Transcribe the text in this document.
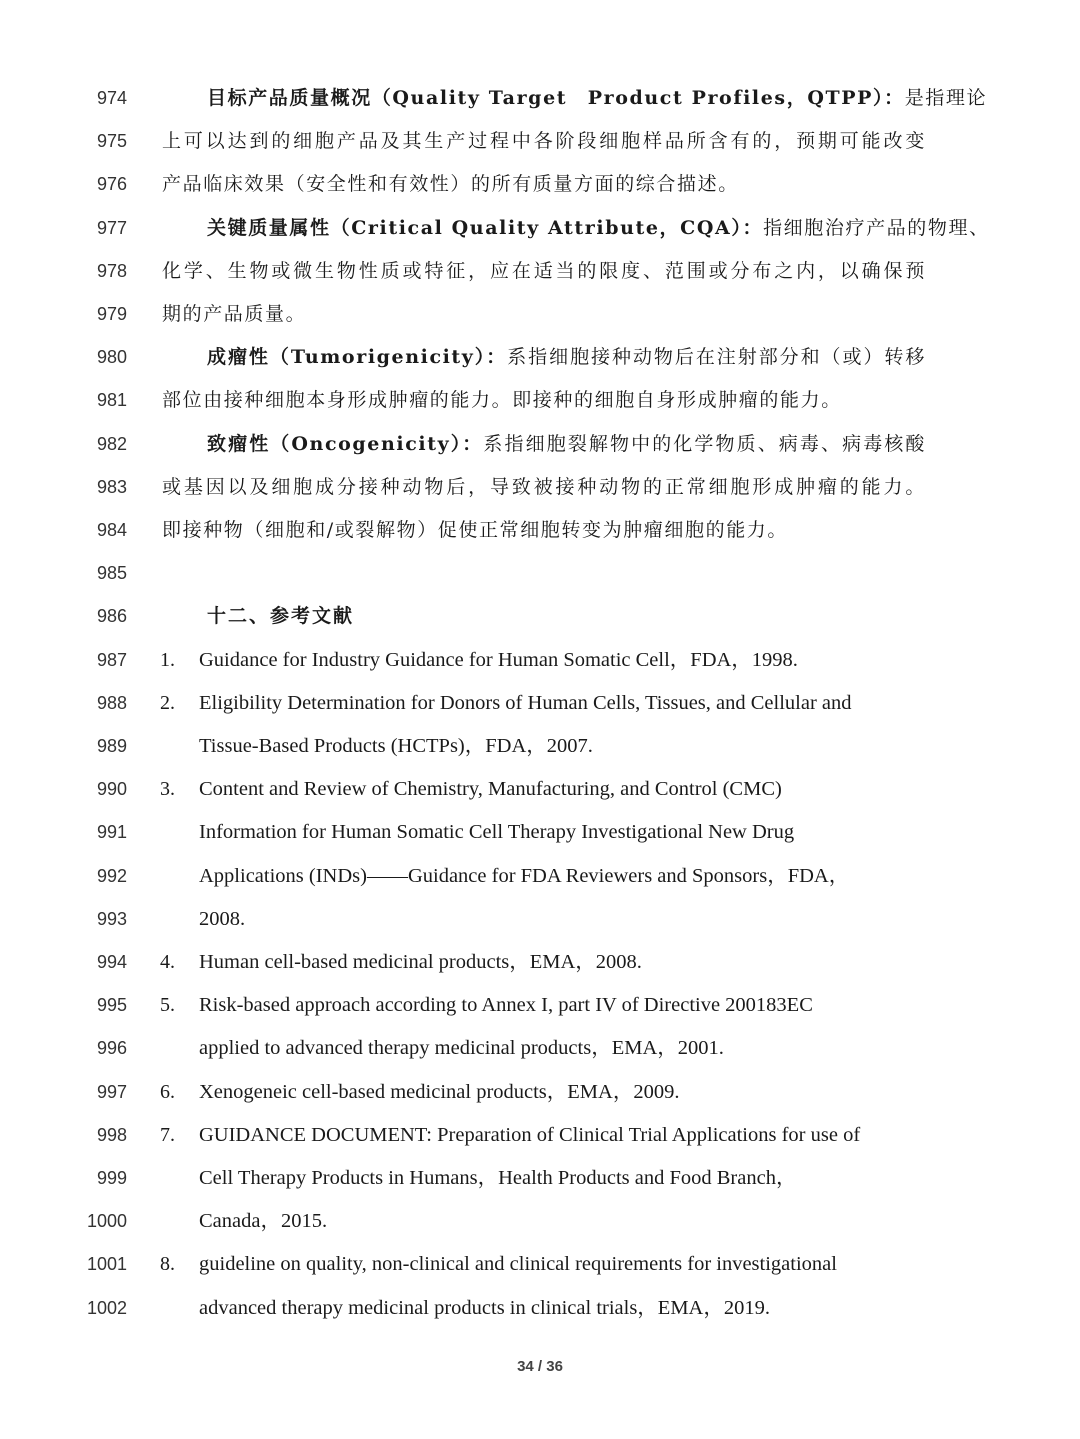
974	目标产品质量概况（Quality Target　Product Profiles，QTPP）：是指理论
975 上可以达到的细胞产品及其生产过程中各阶段细胞样品所含有的，预期可能改变
976 产品临床效果（安全性和有效性）的所有质量方面的综合描述。
977	关键质量属性（Critical Quality Attribute，CQA）：指细胞治疗产品的物理、
978 化学、生物或微生物性质或特征，应在适当的限度、范围或分布之内，以确保预
979 期的产品质量。
980	成瘤性（Tumorigenicity）：系指细胞接种动物后在注射部分和（或）转移
981 部位由接种细胞本身形成肿瘤的能力。即接种的细胞自身形成肿瘤的能力。
982	致瘤性（Oncogenicity）：系指细胞裂解物中的化学物质、病毒、病毒核酸
983 或基因以及细胞成分接种动物后，导致被接种动物的正常细胞形成肿瘤的能力。
984 即接种物（细胞和/或裂解物）促使正常细胞转变为肿瘤细胞的能力。
985
986	十二、参考文献
987 1.	Guidance for Industry Guidance for Human Somatic Cell，FDA，1998.
988 2.	Eligibility Determination for Donors of Human Cells, Tissues, and Cellular and
989	Tissue-Based Products (HCTPs)，FDA，2007.
990 3.	Content and Review of Chemistry, Manufacturing, and Control (CMC)
991	Information for Human Somatic Cell Therapy Investigational New Drug
992	Applications (INDs)——Guidance for FDA Reviewers and Sponsors，FDA，
993	2008.
994 4.	Human cell-based medicinal products，EMA，2008.
995 5.	Risk-based approach according to Annex I, part IV of Directive 200183EC
996	applied to advanced therapy medicinal products，EMA，2001.
997 6.	Xenogeneic cell-based medicinal products，EMA，2009.
998 7.	GUIDANCE DOCUMENT: Preparation of Clinical Trial Applications for use of
999	Cell Therapy Products in Humans，Health Products and Food Branch，
1000	Canada，2015.
1001 8.	guideline on quality, non-clinical and clinical requirements for investigational
1002	advanced therapy medicinal products in clinical trials，EMA，2019.
34 / 36
